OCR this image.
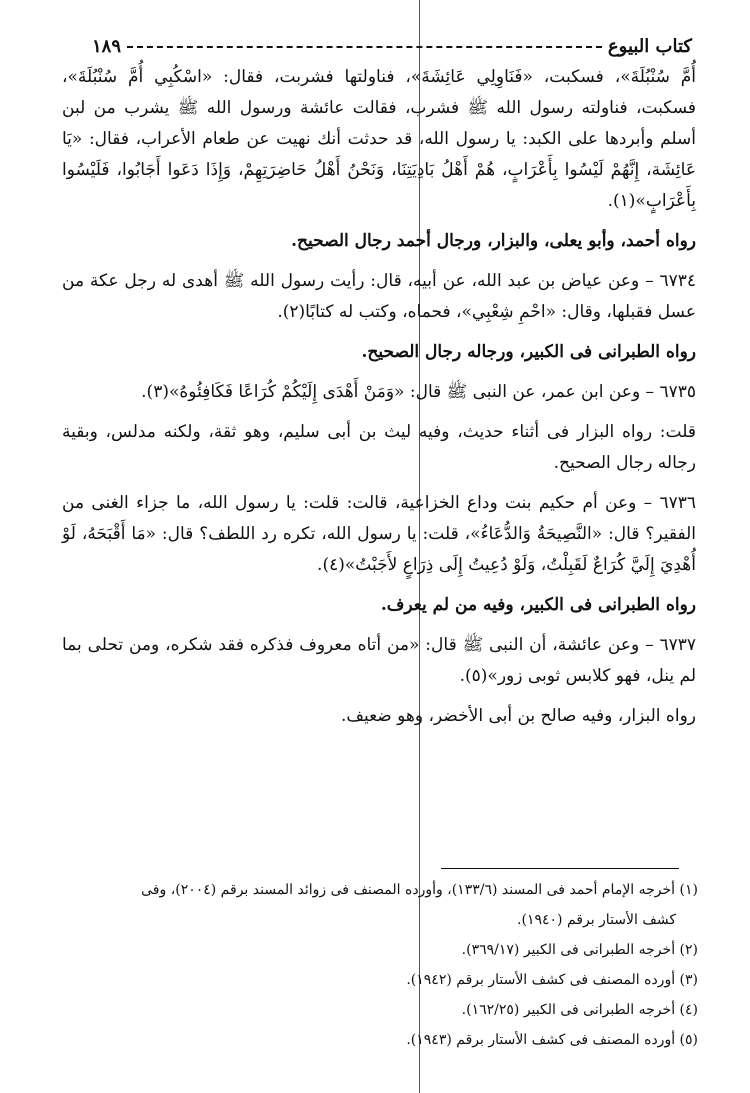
كتاب البيوع
١٨٩

أُمَّ سُنْبُلَةَ»، فسكبت، «فَنَاوِلِي عَائِشَةَ»، فناولتها فشربت، فقال: «اسْكُبِي أُمَّ سُنْبُلَةَ»، فسكبت، فناولته رسول الله ﷺ فشرب، فقالت عائشة ورسول الله ﷺ يشرب من لبن أسلم وأبردها على الكبد: يا رسول الله، قد حدثت أنك نهيت عن طعام الأعراب، فقال: «يَا عَائِشَة، إِنَّهُمْ لَيْسُوا بِأَعْرَابٍ، هُمْ أَهْلُ بَادِيَتِنَا، وَنَحْنُ أَهْلُ حَاضِرَتِهِمْ، وَإِذَا دَعَوا أَجَابُوا، فَلَيْسُوا بِأَعْرَابٍ»(١).

رواه أحمد، وأبو يعلى، والبزار، ورجال أحمد رجال الصحيح.

٦٧٣٤ – وعن عياض بن عبد الله، عن أبيه، قال: رأيت رسول الله ﷺ أهدى له رجل عكة من عسل فقبلها، وقال: «احْمِ شِعْبِي»، فحماه، وكتب له كتابًا(٢).

رواه الطبرانى فى الكبير، ورجاله رجال الصحيح.

٦٧٣٥ – وعن ابن عمر، عن النبى ﷺ قال: «وَمَنْ أَهْدَى إِلَيْكُمْ كُرَاعًا فَكَافِئُوهُ»(٣).

قلت: رواه البزار فى أثناء حديث، وفيه ليث بن أبى سليم، وهو ثقة، ولكنه مدلس، وبقية رجاله رجال الصحيح.

٦٧٣٦ – وعن أم حكيم بنت وداع الخزاعية، قالت: قلت: يا رسول الله، ما جزاء الغنى من الفقير؟ قال: «النَّصِيحَةُ وَالدُّعَاءُ»، قلت: يا رسول الله، تكره رد اللطف؟ قال: «مَا أَقْبَحَهُ، لَوْ أُهْدِيَ إِلَيَّ كُرَاعٌ لَقَبِلْتُ، وَلَوْ دُعِيتُ إِلَى ذِرَاعٍ لأَجَبْتُ»(٤).

رواه الطبرانى فى الكبير، وفيه من لم يعرف.

٦٧٣٧ – وعن عائشة، أن النبى ﷺ قال: «من أتاه معروف فذكره فقد شكره، ومن تحلى بما لم ينل، فهو كلابس ثوبى زور»(٥).

رواه البزار، وفيه صالح بن أبى الأخضر، وهو ضعيف.

(١) أخرجه الإمام أحمد فى المسند (١٣٣/٦)، وأورده المصنف فى زوائد المسند برقم (٢٠٠٤)، وفى
كشف الأستار برقم (١٩٤٠).
(٢) أخرجه الطبرانى فى الكبير (٣٦٩/١٧).
(٣) أورده المصنف فى كشف الأستار برقم (١٩٤٢).
(٤) أخرجه الطبرانى فى الكبير (١٦٢/٢٥).
(٥) أورده المصنف فى كشف الأستار برقم (١٩٤٣).
